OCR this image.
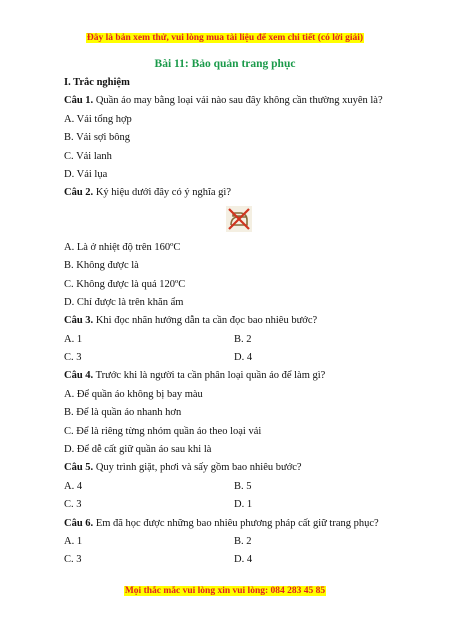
Đây là bản xem thử, vui lòng mua tài liệu để xem chi tiết (có lời giải)
Bài 11: Bảo quản trang phục
I. Trắc nghiệm
Câu 1. Quần áo may bằng loại vải nào sau đây không cần thường xuyên là?
A. Vải tổng hợp
B. Vải sợi bông
C. Vải lanh
D. Vải lụa
Câu 2. Ký hiệu dưới đây có ý nghĩa gì?
A. Là ở nhiệt độ trên 160ºC
B. Không được là
C. Không được là quá 120ºC
D. Chỉ được là trên khăn ẩm
Câu 3. Khi đọc nhãn hướng dẫn ta cần đọc bao nhiêu bước?
A. 1	B. 2
C. 3	D. 4
Câu 4. Trước khi là người ta cần phân loại quần áo để làm gì?
A. Để quần áo không bị bay màu
B. Để là quần áo nhanh hơn
C. Để là riêng từng nhóm quần áo theo loại vải
D. Để dễ cất giữ quần áo sau khi là
Câu 5. Quy trình giặt, phơi và sấy gồm bao nhiêu bước?
A. 4	B. 5
C. 3	D. 1
Câu 6. Em đã học được những bao nhiêu phương pháp cất giữ trang phục?
A. 1	B. 2
C. 3	D. 4
Mọi thắc mắc vui lòng xin vui lòng: 084 283 45 85
